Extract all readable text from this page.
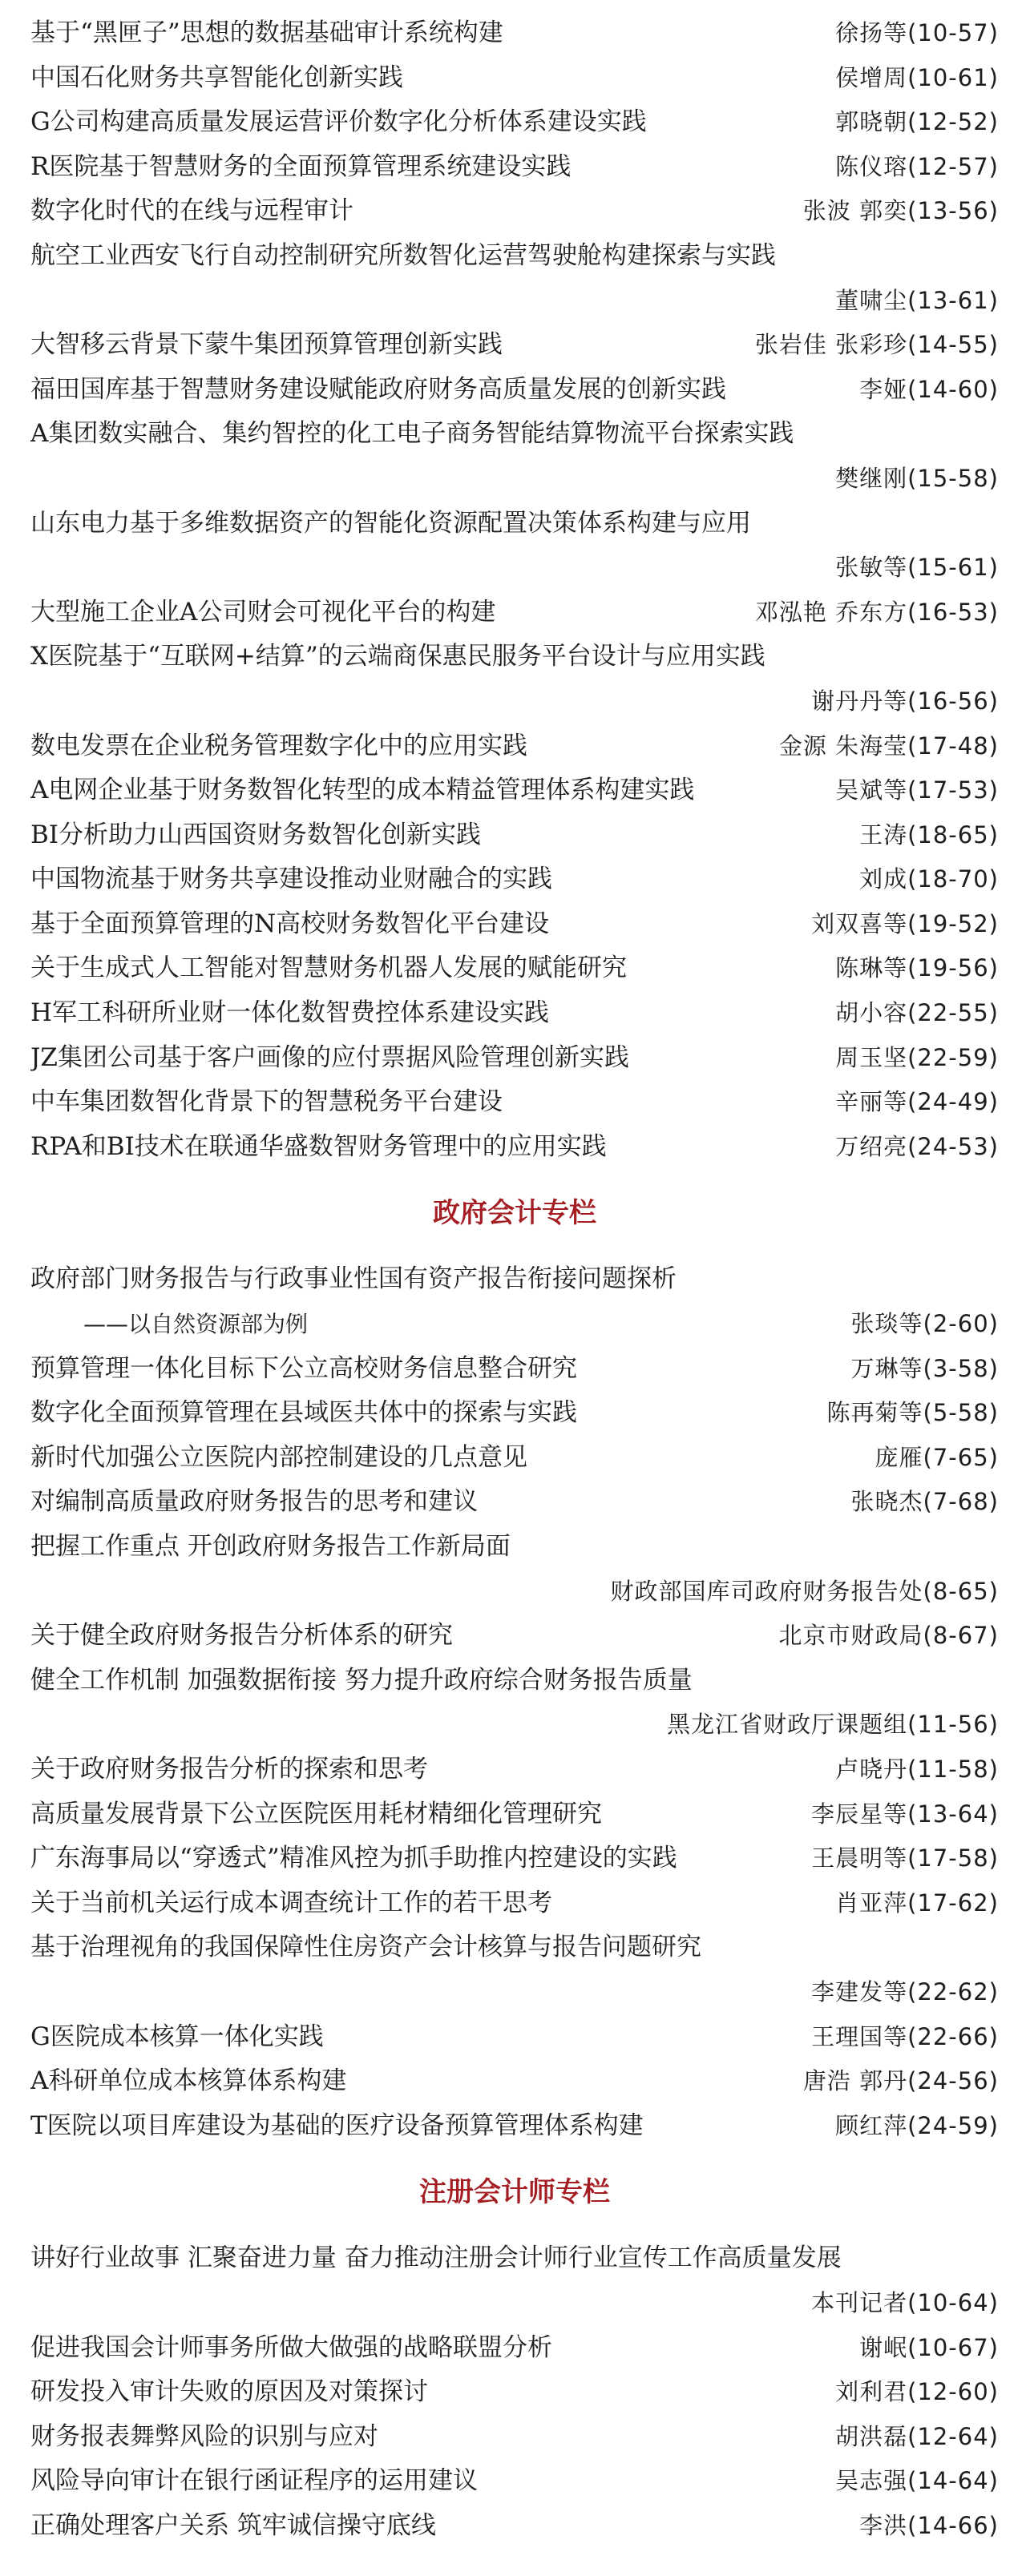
基于“黑匣子”思想的数据基础审计系统构建	徐扬等(10-57)
中国石化财务共享智能化创新实践	侯增周(10-61)
G公司构建高质量发展运营评价数字化分析体系建设实践	郭晓朝(12-52)
R医院基于智慧财务的全面预算管理系统建设实践	陈仪瑢(12-57)
数字化时代的在线与远程审计	张波 郭奕(13-56)
航空工业西安飞行自动控制研究所数智化运营驾驶舱构建探索与实践
董啸尘(13-61)
大智移云背景下蒙牛集团预算管理创新实践	张岩佳 张彩珍(14-55)
福田国库基于智慧财务建设赋能政府财务高质量发展的创新实践	李娅(14-60)
A集团数实融合、集约智控的化工电子商务智能结算物流平台探索实践
樊继刚(15-58)
山东电力基于多维数据资产的智能化资源配置决策体系构建与应用
张敏等(15-61)
大型施工企业A公司财会可视化平台的构建	邓泓艳 乔东方(16-53)
X医院基于“互联网+结算”的云端商保惠民服务平台设计与应用实践
谢丹丹等(16-56)
数电发票在企业税务管理数字化中的应用实践	金源 朱海莹(17-48)
A电网企业基于财务数智化转型的成本精益管理体系构建实践	吴斌等(17-53)
BI分析助力山西国资财务数智化创新实践	王涛(18-65)
中国物流基于财务共享建设推动业财融合的实践	刘成(18-70)
基于全面预算管理的N高校财务数智化平台建设	刘双喜等(19-52)
关于生成式人工智能对智慧财务机器人发展的赋能研究	陈琳等(19-56)
H军工科研所业财一体化数智费控体系建设实践	胡小容(22-55)
JZ集团公司基于客户画像的应付票据风险管理创新实践	周玉坚(22-59)
中车集团数智化背景下的智慧税务平台建设	辛丽等(24-49)
RPA和BI技术在联通华盛数智财务管理中的应用实践	万绍亮(24-53)
政府会计专栏
政府部门财务报告与行政事业性国有资产报告衔接问题探析
——以自然资源部为例	张琰等(2-60)
预算管理一体化目标下公立高校财务信息整合研究	万琳等(3-58)
数字化全面预算管理在县域医共体中的探索与实践	陈再菊等(5-58)
新时代加强公立医院内部控制建设的几点意见	庞雁(7-65)
对编制高质量政府财务报告的思考和建议	张晓杰(7-68)
把握工作重点 开创政府财务报告工作新局面
财政部国库司政府财务报告处(8-65)
关于健全政府财务报告分析体系的研究	北京市财政局(8-67)
健全工作机制 加强数据衔接 努力提升政府综合财务报告质量
黑龙江省财政厅课题组(11-56)
关于政府财务报告分析的探索和思考	卢晓丹(11-58)
高质量发展背景下公立医院医用耗材精细化管理研究	李辰星等(13-64)
广东海事局以“穿透式”精准风控为抓手助推内控建设的实践	王晨明等(17-58)
关于当前机关运行成本调查统计工作的若干思考	肖亚萍(17-62)
基于治理视角的我国保障性住房资产会计核算与报告问题研究
李建发等(22-62)
G医院成本核算一体化实践	王理国等(22-66)
A科研单位成本核算体系构建	唐浩 郭丹(24-56)
T医院以项目库建设为基础的医疗设备预算管理体系构建	顾红萍(24-59)
注册会计师专栏
讲好行业故事 汇聚奋进力量 奋力推动注册会计师行业宣传工作高质量发展
本刊记者(10-64)
促进我国会计师事务所做大做强的战略联盟分析	谢岷(10-67)
研发投入审计失败的原因及对策探讨	刘利君(12-60)
财务报表舞弊风险的识别与应对	胡洪磊(12-64)
风险导向审计在银行函证程序的运用建议	吴志强(14-64)
正确处理客户关系 筑牢诚信操守底线	李洪(14-66)
